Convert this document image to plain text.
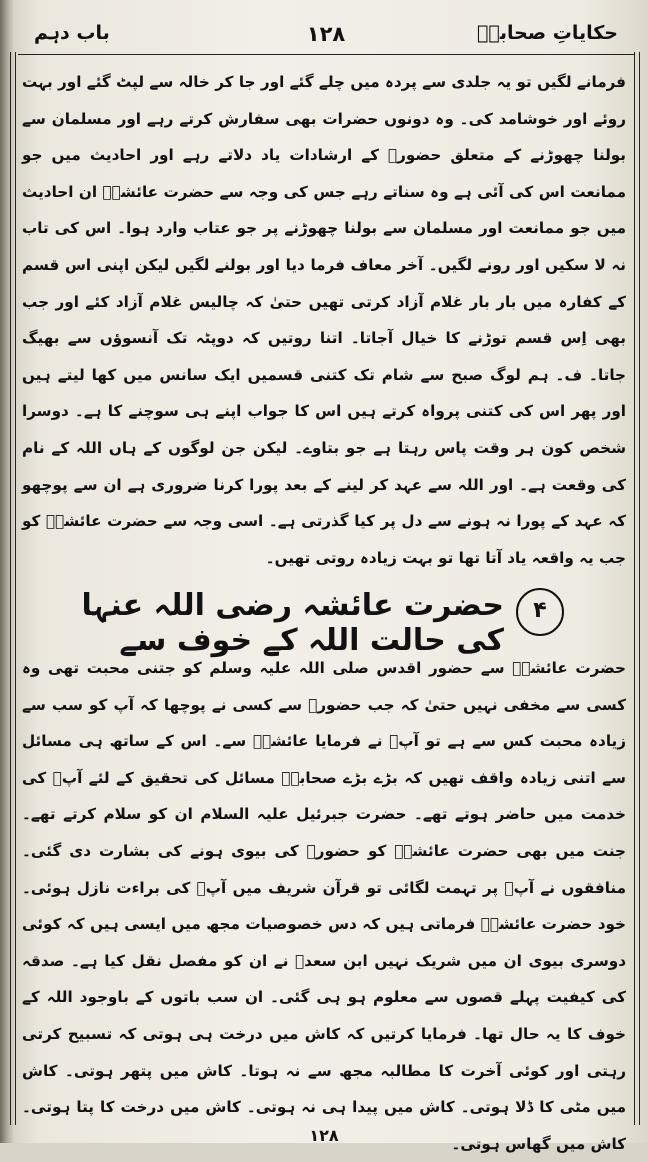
حکایاتِ صحابہؓ
۱۲۸
باب دہم

فرمانے لگیں تو یہ جلدی سے پردہ میں چلے گئے اور جا کر خالہ سے لپٹ گئے اور بہت روئے اور خوشامد کی۔ وہ دونوں حضرات بھی سفارش کرتے رہے اور مسلمان سے بولنا چھوڑنے کے متعلق حضورؐ کے ارشادات یاد دلاتے رہے اور احادیث میں جو ممانعت اس کی آئی ہے وہ سناتے رہے جس کی وجہ سے حضرت عائشہؓ ان احادیث میں جو ممانعت اور مسلمان سے بولنا چھوڑنے پر جو عتاب وارد ہوا۔ اس کی تاب نہ لا سکیں اور رونے لگیں۔ آخر معاف فرما دیا اور بولنے لگیں لیکن اپنی اس قسم کے کفارہ میں بار بار غلام آزاد کرتی تھیں حتیٰ کہ چالیس غلام آزاد کئے اور جب بھی اِس قسم توڑنے کا خیال آجاتا۔ اتنا روتیں کہ دوپٹہ تک آنسوؤں سے بھیگ جاتا۔ ف۔ ہم لوگ صبح سے شام تک کتنی قسمیں ایک سانس میں کھا لیتے ہیں اور پھر اس کی کتنی پرواہ کرتے ہیں اس کا جواب اپنے ہی سوچنے کا ہے۔ دوسرا شخص کون ہر وقت پاس رہتا ہے جو بتاوے۔ لیکن جن لوگوں کے ہاں اللہ کے نام کی وقعت ہے۔ اور اللہ سے عہد کر لینے کے بعد پورا کرنا ضروری ہے ان سے پوچھو کہ عہد کے پورا نہ ہونے سے دل پر کیا گذرتی ہے۔ اسی وجہ سے حضرت عائشہؓ کو جب یہ واقعہ یاد آتا تھا تو بہت زیادہ روتی تھیں۔

۴
حضرت عائشہ رضی اللہ عنہا کی حالت اللہ کے خوف سے

حضرت عائشہؓ سے حضور اقدس صلی اللہ علیہ وسلم کو جتنی محبت تھی وہ کسی سے مخفی نہیں حتیٰ کہ جب حضورؐ سے کسی نے پوچھا کہ آپ کو سب سے زیادہ محبت کس سے ہے تو آپؐ نے فرمایا عائشہؓ سے۔ اس کے ساتھ ہی مسائل سے اتنی زیادہ واقف تھیں کہ بڑے بڑے صحابہؓ مسائل کی تحقیق کے لئے آپؓ کی خدمت میں حاضر ہوتے تھے۔ حضرت جبرئیل علیہ السلام ان کو سلام کرتے تھے۔ جنت میں بھی حضرت عائشہؓ کو حضورؐ کی بیوی ہونے کی بشارت دی گئی۔ منافقوں نے آپؓ پر تہمت لگائی تو قرآن شریف میں آپؓ کی براءت نازل ہوئی۔ خود حضرت عائشہؓ فرماتی ہیں کہ دس خصوصیات مجھ میں ایسی ہیں کہ کوئی دوسری بیوی ان میں شریک نہیں ابن سعدؒ نے ان کو مفصل نقل کیا ہے۔ صدقہ کی کیفیت پہلے قصوں سے معلوم ہو ہی گئی۔ ان سب باتوں کے باوجود اللہ کے خوف کا یہ حال تھا۔ فرمایا کرتیں کہ کاش میں درخت ہی ہوتی کہ تسبیح کرتی رہتی اور کوئی آخرت کا مطالبہ مجھ سے نہ ہوتا۔ کاش میں پتھر ہوتی۔ کاش میں مٹی کا ڈلا ہوتی۔ کاش میں پیدا ہی نہ ہوتی۔ کاش میں درخت کا پتا ہوتی۔ کاش میں گھاس ہوتی۔

۱۲۸
